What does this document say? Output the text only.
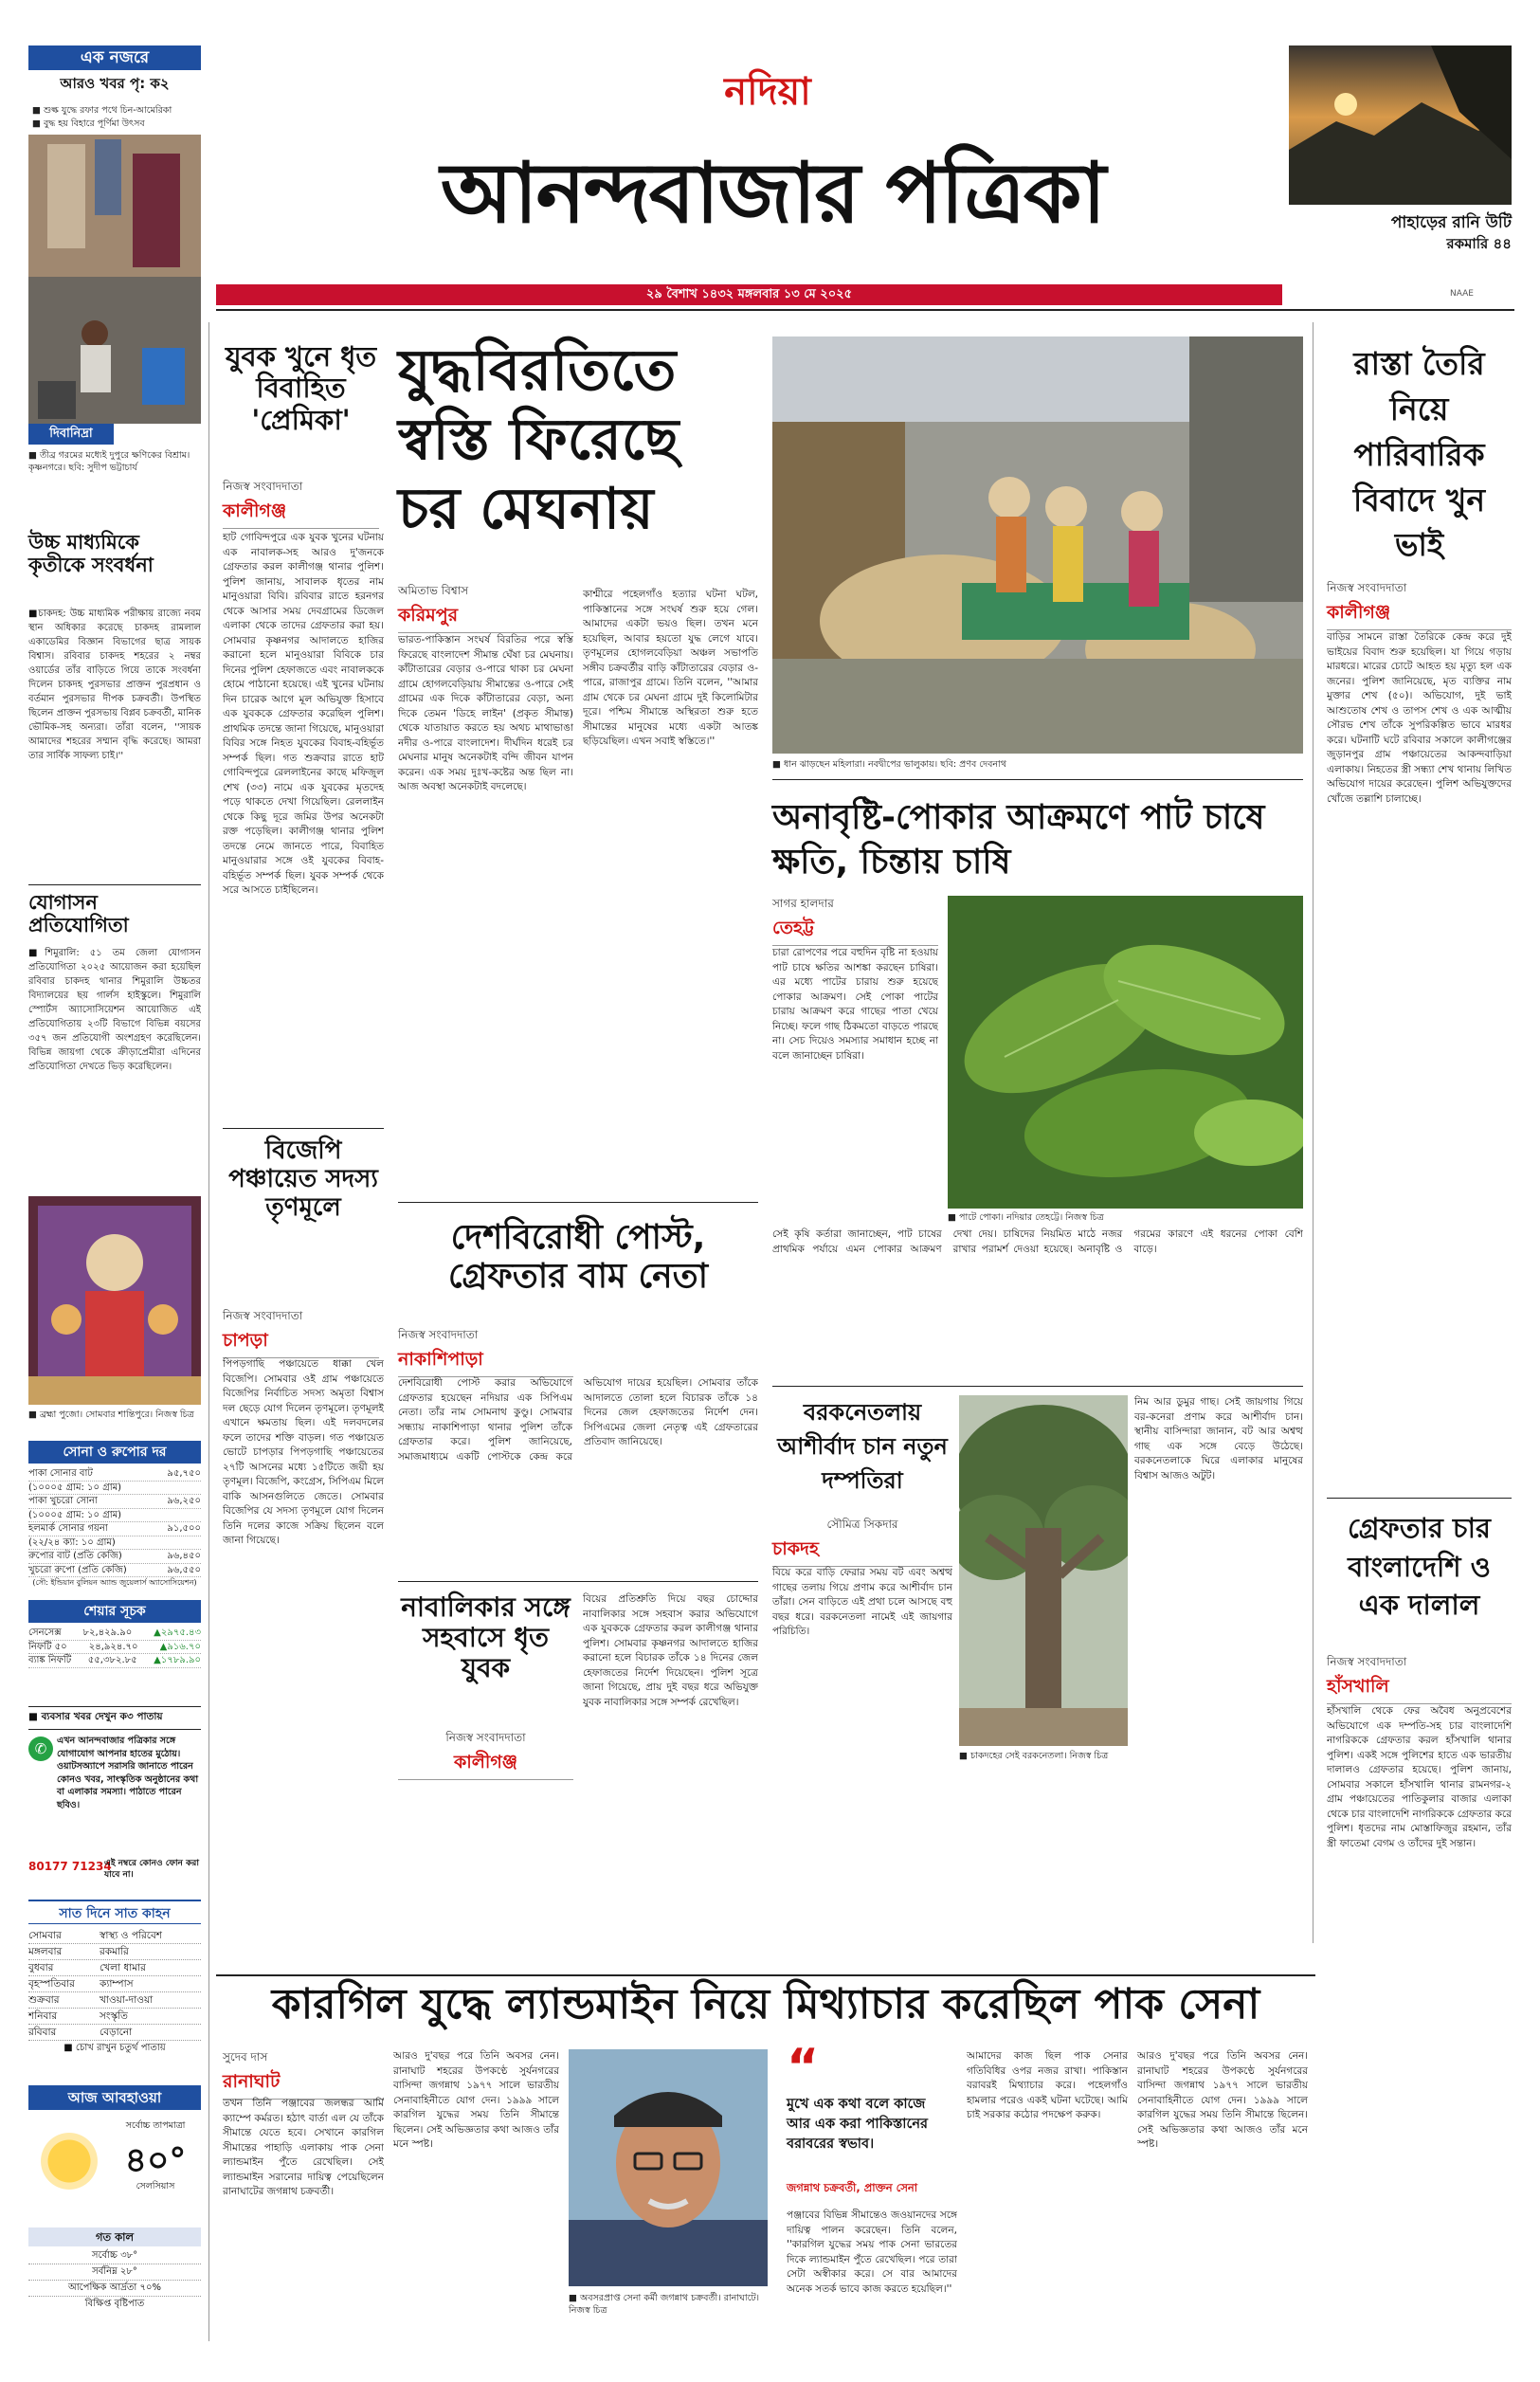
এক নজরে
আরও খবর পৃ: ক২
■ শুল্ক যুদ্ধে রফার পথে চিন-আমেরিকা
■ বুদ্ধ হয় বিহারে পূর্ণিমা উৎসব
দিবানিদ্রা
■ তীব্র গরমের মধ্যেই দুপুরে ক্ষণিকের বিশ্রাম। কৃষ্ণনগরে। ছবি: সুদীপ ভট্টাচার্য
নদিয়া
আনন্দবাজার পত্রিকা	পাহাড়ের রানি উটি
রকমারি ৪৪
২৯ বৈশাখ ১৪৩২ মঙ্গলবার ১৩ মে ২০২৫	NAAE
উচ্চ মাধ্যমিকে কৃতীকে সংবর্ধনা
■চাকদহ: উচ্চ মাধ্যমিক পরীক্ষায় রাজ্যে নবম স্থান অধিকার করেছে চাকদহ রামলাল একাডেমির বিজ্ঞান বিভাগের ছাত্র সায়ক বিশ্বাস। রবিবার চাকদহ শহরের ২ নম্বর ওয়ার্ডের তাঁর বাড়িতে গিয়ে তাকে সংবর্ধনা দিলেন চাকদহ পুরসভার প্রাক্তন পুরপ্রধান ও বর্তমান পুরসভার দীপক চক্রবর্তী। উপস্থিত ছিলেন প্রাক্তন পুরসভায় বিপ্লব চক্রবর্তী, মানিক ভৌমিক-সহ অন্যরা। তাঁরা বলেন, ''সায়ক আমাদের শহরের সম্মান বৃদ্ধি করেছে। আমরা তার সার্বিক সাফল্য চাই।''
যোগাসন প্রতিযোগিতা
■শিমুরালি: ৫১ তম জেলা যোগাসন প্রতিযোগিতা ২০২৫ আয়োজন করা হয়েছিল রবিবার চাকদহ থানার শিমুরালি উচ্চতর বিদ্যালয়ের ছয় গার্লস হাইস্কুলে। শিমুরালি স্পোর্টস অ্যাসোসিয়েশন আয়োজিত এই প্রতিযোগিতায় ২৩টি বিভাগে বিভিন্ন বয়সের ৩৫৭ জন প্রতিযোগী অংশগ্রহণ করেছিলেন। বিভিন্ন জায়গা থেকে ক্রীড়াপ্রেমীরা এদিনের প্রতিযোগিতা দেখতে ভিড় করেছিলেন।
■ ব্রহ্মা পুজো। সোমবার শান্তিপুরে। নিজস্ব চিত্র
সোনা ও রুপোর দর
পাকা সোনার বাট	৯৫,৭৫০
(১০০০৫ গ্রাম: ১০ গ্রাম)
পাকা খুচরো সোনা	৯৬,২৫০
(১০০০৫ গ্রাম: ১০ গ্রাম)
হলমার্ক সোনার গয়না	৯১,৫০০
(২২/২৪ ক্যা: ১০ গ্রাম)
রুপোর বাট (প্রতি কেজি)	৯৬,৪৫০
খুচরো রুপো (প্রতি কেজি)	৯৬,৫৫০
(সৌ: ইন্ডিয়ান বুলিয়ন অ্যান্ড জুয়েলার্স অ্যাসোসিয়েশন)
শেয়ার সূচক
সেনসেক্স ৮২,৪২৯.৯০ ▲২৯৭৫.৪৩
নিফটি ৫০ ২৪,৯২৪.৭০ ▲৯১৬.৭০
ব্যাঙ্ক নিফটি ৫৫,৩৮২.৮৫ ▲১৭৮৯.৯০
■ ব্যবসার খবর দেখুন ক৩ পাতায়
✆	এখন আনন্দবাজার পত্রিকার সঙ্গে যোগাযোগ আপনার হাতের মুঠোয়। ওয়াটসঅ্যাপে সরাসরি জানাতে পারেন কোনও খবর, সাংস্কৃতিক অনুষ্ঠানের কথা বা এলাকার সমস্যা। পাঠাতে পারেন ছবিও।
80177 71234
এই নম্বরে কোনও ফোন করা যাবে না।
সাত দিনে সাত কাহন
সোমবার	স্বাস্থ্য ও পরিবেশ
মঙ্গলবার	রকমারি
বুধবার	খেলা ধামার
বৃহস্পতিবার	ক্যাম্পাস
শুক্রবার	খাওয়া-দাওয়া
শনিবার	সংস্কৃতি
রবিবার	বেড়ানো
■ চোখ রাখুন চতুর্থ পাতায়
আজ আবহাওয়া
সর্বোচ্চ তাপমাত্রা
৪০°
সেলসিয়াস
গত কাল
সর্বোচ্চ ৩৮°
সর্বনিম্ন ২৮°
আপেক্ষিক আর্দ্রতা ৭০%
বিক্ষিপ্ত বৃষ্টিপাত
যুবক খুনে ধৃত বিবাহিত 'প্রেমিকা'
নিজস্ব সংবাদদাতা
কালীগঞ্জ
হাট গোবিন্দপুরে এক যুবক খুনের ঘটনায় এক নাবালক-সহ আরও দু'জনকে গ্রেফতার করল কালীগঞ্জ থানার পুলিশ। পুলিশ জানায়, সাবালক ধৃতের নাম মানুওয়ারা বিবি। রবিবার রাতে হরনগর থেকে আসার সময় দেবগ্রামের ডিজেল এলাকা থেকে তাদের গ্রেফতার করা হয়। সোমবার কৃষ্ণনগর আদালতে হাজির করানো হলে মানুওয়ারা বিবিকে চার দিনের পুলিশ হেফাজতে এবং নাবালককে হোমে পাঠানো হয়েছে। এই খুনের ঘটনায় দিন চারেক আগে মূল অভিযুক্ত হিসাবে এক যুবককে গ্রেফতার করেছিল পুলিশ। প্রাথমিক তদন্তে জানা গিয়েছে, মানুওয়ারা বিবির সঙ্গে নিহত যুবকের বিবাহ-বহির্ভূত সম্পর্ক ছিল। গত শুক্রবার রাতে হাট গোবিন্দপুরে রেললাইনের কাছে মফিজুল শেখ (৩৩) নামে এক যুবকের মৃতদেহ পড়ে থাকতে দেখা গিয়েছিল। রেললাইন থেকে কিছু দূরে জমির উপর অনেকটা রক্ত পড়েছিল। কালীগঞ্জ থানার পুলিশ তদন্তে নেমে জানতে পারে, বিবাহিত মানুওয়ারার সঙ্গে ওই যুবকের বিবাহ-বহির্ভূত সম্পর্ক ছিল। যুবক সম্পর্ক থেকে সরে আসতে চাইছিলেন।
বিজেপি পঞ্চায়েত সদস্য তৃণমূলে
নিজস্ব সংবাদদাতা
চাপড়া
পিপড়গাছি পঞ্চায়েতে ধাক্কা খেল বিজেপি। সোমবার ওই গ্রাম পঞ্চায়েতে বিজেপির নির্বাচিত সদস্য অমৃতা বিশ্বাস দল ছেড়ে যোগ দিলেন তৃণমূলে। তৃণমূলই এখানে ক্ষমতায় ছিল। এই দলবদলের ফলে তাদের শক্তি বাড়ল। গত পঞ্চায়েত ভোটে চাপড়ার পিপড়গাছি পঞ্চায়েতের ২৭টি আসনের মধ্যে ১৫টিতে জয়ী হয় তৃণমূল। বিজেপি, কংগ্রেস, সিপিএম মিলে বাকি আসনগুলিতে জেতে। সোমবার বিজেপির যে সদস্য তৃণমূলে যোগ দিলেন তিনি দলের কাজে সক্রিয় ছিলেন বলে জানা গিয়েছে।
যুদ্ধবিরতিতে স্বস্তি ফিরেছে চর মেঘনায়
অমিতাভ বিশ্বাস
করিমপুর
ভারত-পাকিস্তান সংঘর্ষ বিরতির পরে স্বস্তি ফিরেছে বাংলাদেশ সীমান্ত ঘেঁষা চর মেঘনায়। কাঁটাতারের বেড়ার ও-পারে থাকা চর মেঘনা গ্রামে হোগলবেড়িয়ায় সীমান্তের ও-পারে সেই গ্রামের এক দিকে কাঁটাতারের বেড়া, অন্য দিকে তেমন 'ডিহে লাইন' (প্রকৃত সীমান্ত) থেকে যাতায়াত করতে হয় অথচ মাথাভাঙা নদীর ও-পারে বাংলাদেশ। দীর্ঘদিন ধরেই চর মেঘনার মানুষ অনেকটাই বন্দি জীবন যাপন করেন। এক সময় দুঃখ-কষ্টের অন্ত ছিল না। আজ অবস্থা অনেকটাই বদলেছে।
কাশ্মীরে পহেলগাঁও হত্যার ঘটনা ঘটল, পাকিস্তানের সঙ্গে সংঘর্ষ শুরু হয়ে গেল। আমাদের একটা ভয়ও ছিল। তখন মনে হয়েছিল, আবার হয়তো যুদ্ধ লেগে যাবে। তৃণমূলের হোগলবেড়িয়া অঞ্চল সভাপতি সঙ্গীব চক্রবর্তীর বাড়ি কাঁটাতারের বেড়ার ও-পারে, রাজাপুর গ্রামে। তিনি বলেন, ''আমার গ্রাম থেকে চর মেঘনা গ্রামে দুই কিলোমিটার দূরে। পশ্চিম সীমান্তে অস্থিরতা শুরু হতে সীমান্তের মানুষের মধ্যে একটা আতঙ্ক ছড়িয়েছিল। এখন সবাই স্বস্তিতে।''
দেশবিরোধী পোস্ট, গ্রেফতার বাম নেতা
নিজস্ব সংবাদদাতা
নাকাশিপাড়া
দেশবিরোধী পোস্ট করার অভিযোগে গ্রেফতার হয়েছেন নদিয়ার এক সিপিএম নেতা। তাঁর নাম সোমনাথ কুণ্ডু। সোমবার সন্ধ্যায় নাকাশিপাড়া থানার পুলিশ তাঁকে গ্রেফতার করে। পুলিশ জানিয়েছে, সমাজমাধ্যমে একটি পোস্টকে কেন্দ্র করে অভিযোগ দায়ের হয়েছিল। সোমবার তাঁকে আদালতে তোলা হলে বিচারক তাঁকে ১৪ দিনের জেল হেফাজতের নির্দেশ দেন। সিপিএমের জেলা নেতৃত্ব এই গ্রেফতারের প্রতিবাদ জানিয়েছে।
নাবালিকার সঙ্গে সহবাসে ধৃত যুবক
নিজস্ব সংবাদদাতা
কালীগঞ্জ
বিয়ের প্রতিশ্রুতি দিয়ে বছর চোদ্দোর নাবালিকার সঙ্গে সহবাস করার অভিযোগে এক যুবককে গ্রেফতার করল কালীগঞ্জ থানার পুলিশ। সোমবার কৃষ্ণনগর আদালতে হাজির করানো হলে বিচারক তাঁকে ১৪ দিনের জেল হেফাজতের নির্দেশ দিয়েছেন। পুলিশ সূত্রে জানা গিয়েছে, প্রায় দুই বছর ধরে অভিযুক্ত যুবক নাবালিকার সঙ্গে সম্পর্ক রেখেছিল।
■ ধান ঝাড়ছেন মহিলারা। নবদ্বীপের ভালুকায়। ছবি: প্রণব দেবনাথ
অনাবৃষ্টি-পোকার আক্রমণে পাট চাষে ক্ষতি, চিন্তায় চাষি
সাগর হালদার
তেহট্ট
চারা রোপণের পরে বহুদিন বৃষ্টি না হওয়ায় পাট চাষে ক্ষতির আশঙ্কা করছেন চাষিরা। এর মধ্যে পাটের চারায় শুরু হয়েছে পোকার আক্রমণ। সেই পোকা পাটের চারায় আক্রমণ করে গাছের পাতা খেয়ে নিচ্ছে। ফলে গাছ ঠিকমতো বাড়তে পারছে না। সেচ দিয়েও সমস্যার সমাধান হচ্ছে না বলে জানাচ্ছেন চাষিরা।
■ পাটে পোকা। নদিয়ার তেহট্টে। নিজস্ব চিত্র
সেই কৃষি কর্তারা জানাচ্ছেন, পাট চাষের প্রাথমিক পর্যায়ে এমন পোকার আক্রমণ দেখা দেয়। চাষিদের নিয়মিত মাঠে নজর রাখার পরামর্শ দেওয়া হয়েছে। অনাবৃষ্টি ও গরমের কারণে এই ধরনের পোকা বেশি বাড়ে।
বরকনেতলায় আশীর্বাদ চান নতুন দম্পতিরা
সৌমিত্র সিকদার
চাকদহ
বিয়ে করে বাড়ি ফেরার সময় বট এবং অশ্বত্থ গাছের তলায় গিয়ে প্রণাম করে আশীর্বাদ চান তাঁরা। সেন বাড়িতে এই প্রথা চলে আসছে বহু বছর ধরে। বরকনেতলা নামেই এই জায়গার পরিচিতি।
■ চাকদহের সেই বরকনেতলা। নিজস্ব চিত্র
নিম আর ডুমুর গাছ। সেই জায়গায় গিয়ে বর-কনেরা প্রণাম করে আশীর্বাদ চান। স্থানীয় বাসিন্দারা জানান, বট আর অশ্বত্থ গাছ এক সঙ্গে বেড়ে উঠেছে। বরকনেতলাকে ঘিরে এলাকার মানুষের বিশ্বাস আজও অটুট।
রাস্তা তৈরি নিয়ে পারিবারিক বিবাদে খুন ভাই
নিজস্ব সংবাদদাতা
কালীগঞ্জ
বাড়ির সামনে রাস্তা তৈরিকে কেন্দ্র করে দুই ভাইয়ের বিবাদ শুরু হয়েছিল। যা গিয়ে গড়ায় মারধরে। মারের চোটে আহত হয় মৃত্যু হল এক জনের। পুলিশ জানিয়েছে, মৃত ব্যক্তির নাম মুক্তার শেখ (৫০)। অভিযোগ, দুই ভাই আশুতোষ শেখ ও তাপস শেখ ও এক আত্মীয় সৌরভ শেখ তাঁকে সুপরিকল্পিত ভাবে মারধর করে। ঘটনাটি ঘটে রবিবার সকালে কালীগঞ্জের জুড়ানপুর গ্রাম পঞ্চায়েতের আকন্দবাড়িয়া এলাকায়। নিহতের স্ত্রী সন্ধ্যা শেখ থানায় লিখিত অভিযোগ দায়ের করেছেন। পুলিশ অভিযুক্তদের খোঁজে তল্লাশি চালাচ্ছে।
গ্রেফতার চার বাংলাদেশি ও এক দালাল
নিজস্ব সংবাদদাতা
হাঁসখালি
হাঁসখালি থেকে ফের অবৈধ অনুপ্রবেশের অভিযোগে এক দম্পতি-সহ চার বাংলাদেশি নাগরিককে গ্রেফতার করল হাঁসখালি থানার পুলিশ। একই সঙ্গে পুলিশের হাতে এক ভারতীয় দালালও গ্রেফতার হয়েছে। পুলিশ জানায়, সোমবার সকালে হাঁসখালি থানার রামনগর-২ গ্রাম পঞ্চায়েতের পাতিকুলার বাজার এলাকা থেকে চার বাংলাদেশি নাগরিককে গ্রেফতার করে পুলিশ। ধৃতদের নাম মোস্তাফিজুর রহমান, তাঁর স্ত্রী ফাতেমা বেগম ও তাঁদের দুই সন্তান।
কারগিল যুদ্ধে ল্যান্ডমাইন নিয়ে মিথ্যাচার করেছিল পাক সেনা
সুদেব দাস
রানাঘাট
তখন তিনি পঞ্জাবের জলন্ধর আর্মি ক্যাম্পে কর্মরত। হঠাৎ বার্তা এল যে তাঁকে সীমান্তে যেতে হবে। সেখানে কারগিল সীমান্তের পাহাড়ি এলাকায় পাক সেনা ল্যান্ডমাইন পুঁতে রেখেছিল। সেই ল্যান্ডমাইন সরানোর দায়িত্ব পেয়েছিলেন রানাঘাটের জগন্নাথ চক্রবর্তী।
আরও দু'বছর পরে তিনি অবসর নেন। রানাঘাট শহরের উপকণ্ঠে সুর্যনগরের বাসিন্দা জগন্নাথ ১৯৭৭ সালে ভারতীয় সেনাবাহিনীতে যোগ দেন। ১৯৯৯ সালে কারগিল যুদ্ধের সময় তিনি সীমান্তে ছিলেন। সেই অভিজ্ঞতার কথা আজও তাঁর মনে স্পষ্ট।
■ অবসরপ্রাপ্ত সেনা কর্মী জগন্নাথ চক্রবর্তী। রানাঘাটে। নিজস্ব চিত্র
“
মুখে এক কথা বলে কাজে আর এক করা পাকিস্তানের বরাবরের স্বভাব।
জগন্নাথ চক্রবর্তী, প্রাক্তন সেনা
পঞ্জাবের বিভিন্ন সীমান্তেও জওয়ানদের সঙ্গে দায়িত্ব পালন করেছেন। তিনি বলেন, ''কারগিল যুদ্ধের সময় পাক সেনা ভারতের দিকে ল্যান্ডমাইন পুঁতে রেখেছিল। পরে তারা সেটা অস্বীকার করে। সে বার আমাদের অনেক সতর্ক ভাবে কাজ করতে হয়েছিল।''
আমাদের কাজ ছিল পাক সেনার গতিবিধির ওপর নজর রাখা। পাকিস্তান বরাবরই মিথ্যাচার করে। পহেলগাঁও হামলার পরেও একই ঘটনা ঘটেছে। আমি চাই সরকার কঠোর পদক্ষেপ করুক।
আরও দু'বছর পরে তিনি অবসর নেন। রানাঘাট শহরের উপকণ্ঠে সুর্যনগরের বাসিন্দা জগন্নাথ ১৯৭৭ সালে ভারতীয় সেনাবাহিনীতে যোগ দেন। ১৯৯৯ সালে কারগিল যুদ্ধের সময় তিনি সীমান্তে ছিলেন। সেই অভিজ্ঞতার কথা আজও তাঁর মনে স্পষ্ট।
